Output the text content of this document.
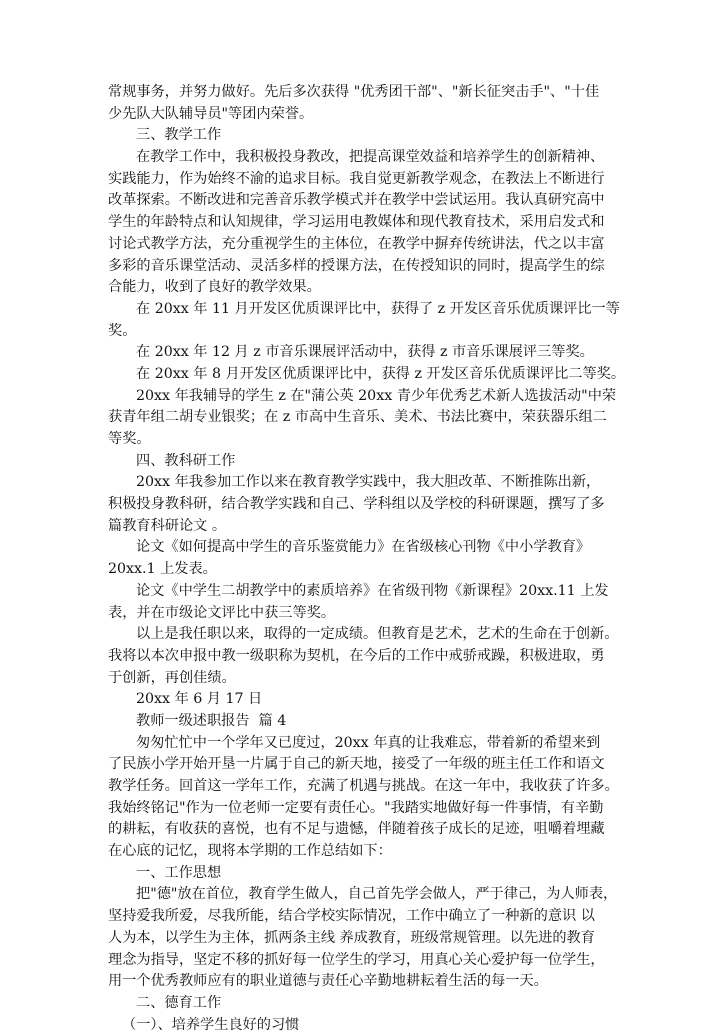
常规事务，并努力做好。先后多次获得 "优秀团干部"、"新长征突击手"、"十佳
少先队大队辅导员"等团内荣誉。
三、教学工作
在教学工作中，我积极投身教改，把提高课堂效益和培养学生的创新精神、
实践能力，作为始终不渝的追求目标。我自觉更新教学观念，在教法上不断进行
改革探索。不断改进和完善音乐教学模式并在教学中尝试运用。我认真研究高中
学生的年龄特点和认知规律，学习运用电教媒体和现代教育技术，采用启发式和
讨论式教学方法，充分重视学生的主体位，在教学中摒弃传统讲法，代之以丰富
多彩的音乐课堂活动、灵活多样的授课方法，在传授知识的同时，提高学生的综
合能力，收到了良好的教学效果。
在 20xx 年 11 月开发区优质课评比中，获得了 z 开发区音乐优质课评比一等
奖。
在 20xx 年 12 月 z 市音乐课展评活动中，获得 z 市音乐课展评三等奖。
在 20xx 年 8 月开发区优质课评比中，获得 z 开发区音乐优质课评比二等奖。
20xx 年我辅导的学生 z 在"蒲公英 20xx 青少年优秀艺术新人选拔活动"中荣
获青年组二胡专业银奖；在 z 市高中生音乐、美术、书法比赛中，荣获器乐组二
等奖。
四、教科研工作
20xx 年我参加工作以来在教育教学实践中，我大胆改革、不断推陈出新，
积极投身教科研，结合教学实践和自己、学科组以及学校的科研课题，撰写了多
篇教育科研论文 。
论文《如何提高中学生的音乐鉴赏能力》在省级核心刊物《中小学教育》
20xx.1 上发表。
论文《中学生二胡教学中的素质培养》在省级刊物《新课程》20xx.11 上发
表，并在市级论文评比中获三等奖。
以上是我任职以来，取得的一定成绩。但教育是艺术，艺术的生命在于创新。
我将以本次申报中教一级职称为契机，在今后的工作中戒骄戒躁，积极进取，勇
于创新，再创佳绩。
20xx 年 6 月 17 日
教师一级述职报告  篇 4
匆匆忙忙中一个学年又已度过，20xx 年真的让我难忘，带着新的希望来到
了民族小学开始开垦一片属于自己的新天地，接受了一年级的班主任工作和语文
教学任务。回首这一学年工作，充满了机遇与挑战。在这一年中，我收获了许多。
我始终铭记"作为一位老师一定要有责任心。"我踏实地做好每一件事情，有辛勤
的耕耘，有收获的喜悦，也有不足与遗憾，伴随着孩子成长的足迹，咀嚼着埋藏
在心底的记忆，现将本学期的工作总结如下：
一、工作思想
把"德"放在首位，教育学生做人，自己首先学会做人，严于律己，为人师表，
坚持爱我所爱，尽我所能，结合学校实际情况，工作中确立了一种新的意识 以
人为本，以学生为主体，抓两条主线 养成教育，班级常规管理。以先进的教育
理念为指导，坚定不移的抓好每一位学生的学习，用真心关心爱护每一位学生，
用一个优秀教师应有的职业道德与责任心辛勤地耕耘着生活的每一天。
二、德育工作
（一）、培养学生良好的习惯
